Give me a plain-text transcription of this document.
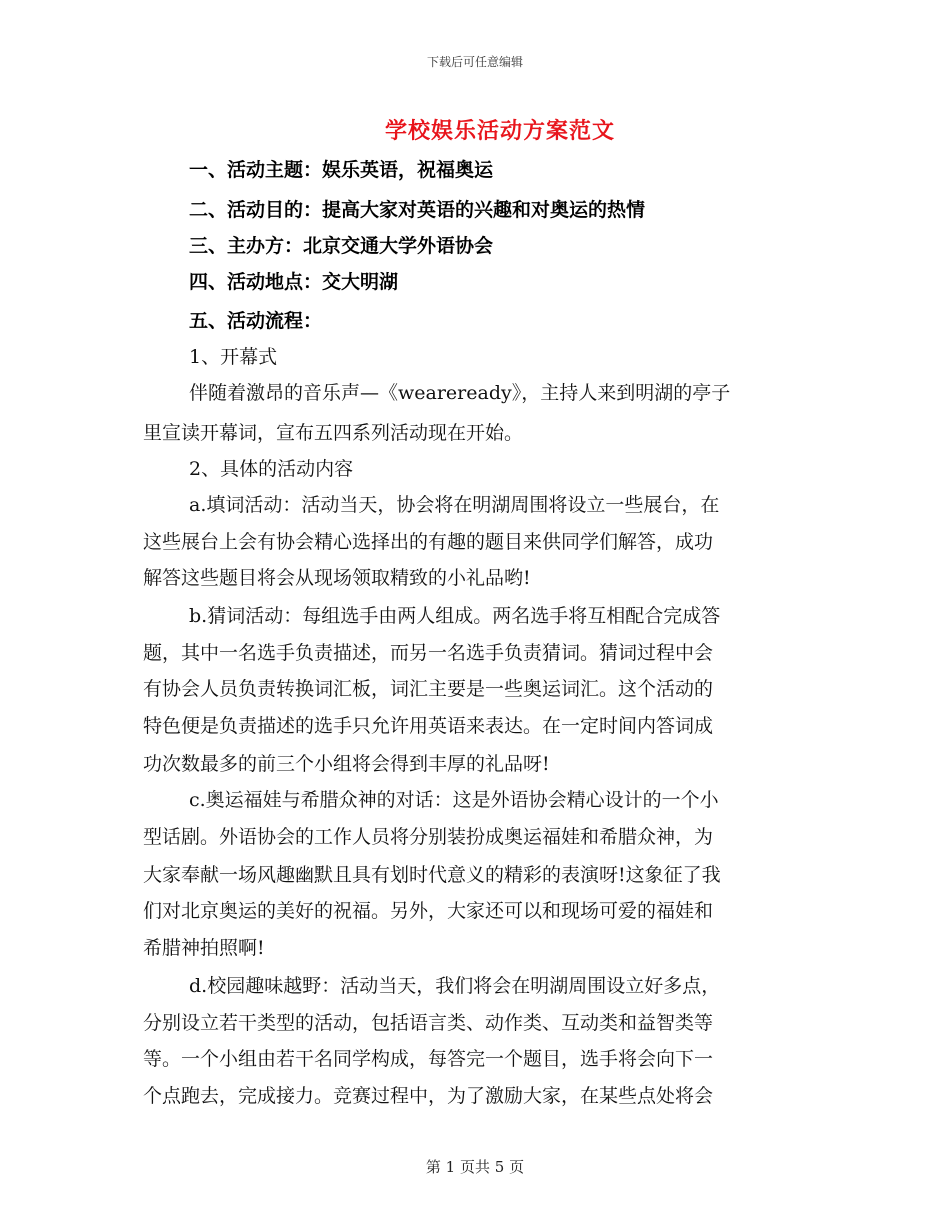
下载后可任意编辑
学校娱乐活动方案范文
一、活动主题：娱乐英语，祝福奥运
二、活动目的：提高大家对英语的兴趣和对奥运的热情
三、主办方：北京交通大学外语协会
四、活动地点：交大明湖
五、活动流程：
1、开幕式
伴随着激昂的音乐声—《weareready》，主持人来到明湖的亭子
里宣读开幕词，宣布五四系列活动现在开始。
2、具体的活动内容
a.填词活动：活动当天，协会将在明湖周围将设立一些展台，在
这些展台上会有协会精心选择出的有趣的题目来供同学们解答，成功
解答这些题目将会从现场领取精致的小礼品哟!
b.猜词活动：每组选手由两人组成。两名选手将互相配合完成答
题，其中一名选手负责描述，而另一名选手负责猜词。猜词过程中会
有协会人员负责转换词汇板，词汇主要是一些奥运词汇。这个活动的
特色便是负责描述的选手只允许用英语来表达。在一定时间内答词成
功次数最多的前三个小组将会得到丰厚的礼品呀!
c.奥运福娃与希腊众神的对话：这是外语协会精心设计的一个小
型话剧。外语协会的工作人员将分别装扮成奥运福娃和希腊众神，为
大家奉献一场风趣幽默且具有划时代意义的精彩的表演呀!这象征了我
们对北京奥运的美好的祝福。另外，大家还可以和现场可爱的福娃和
希腊神拍照啊!
d.校园趣味越野：活动当天，我们将会在明湖周围设立好多点，
分别设立若干类型的活动，包括语言类、动作类、互动类和益智类等
等。一个小组由若干名同学构成，每答完一个题目，选手将会向下一
个点跑去，完成接力。竞赛过程中，为了激励大家，在某些点处将会
第 1 页共 5 页
